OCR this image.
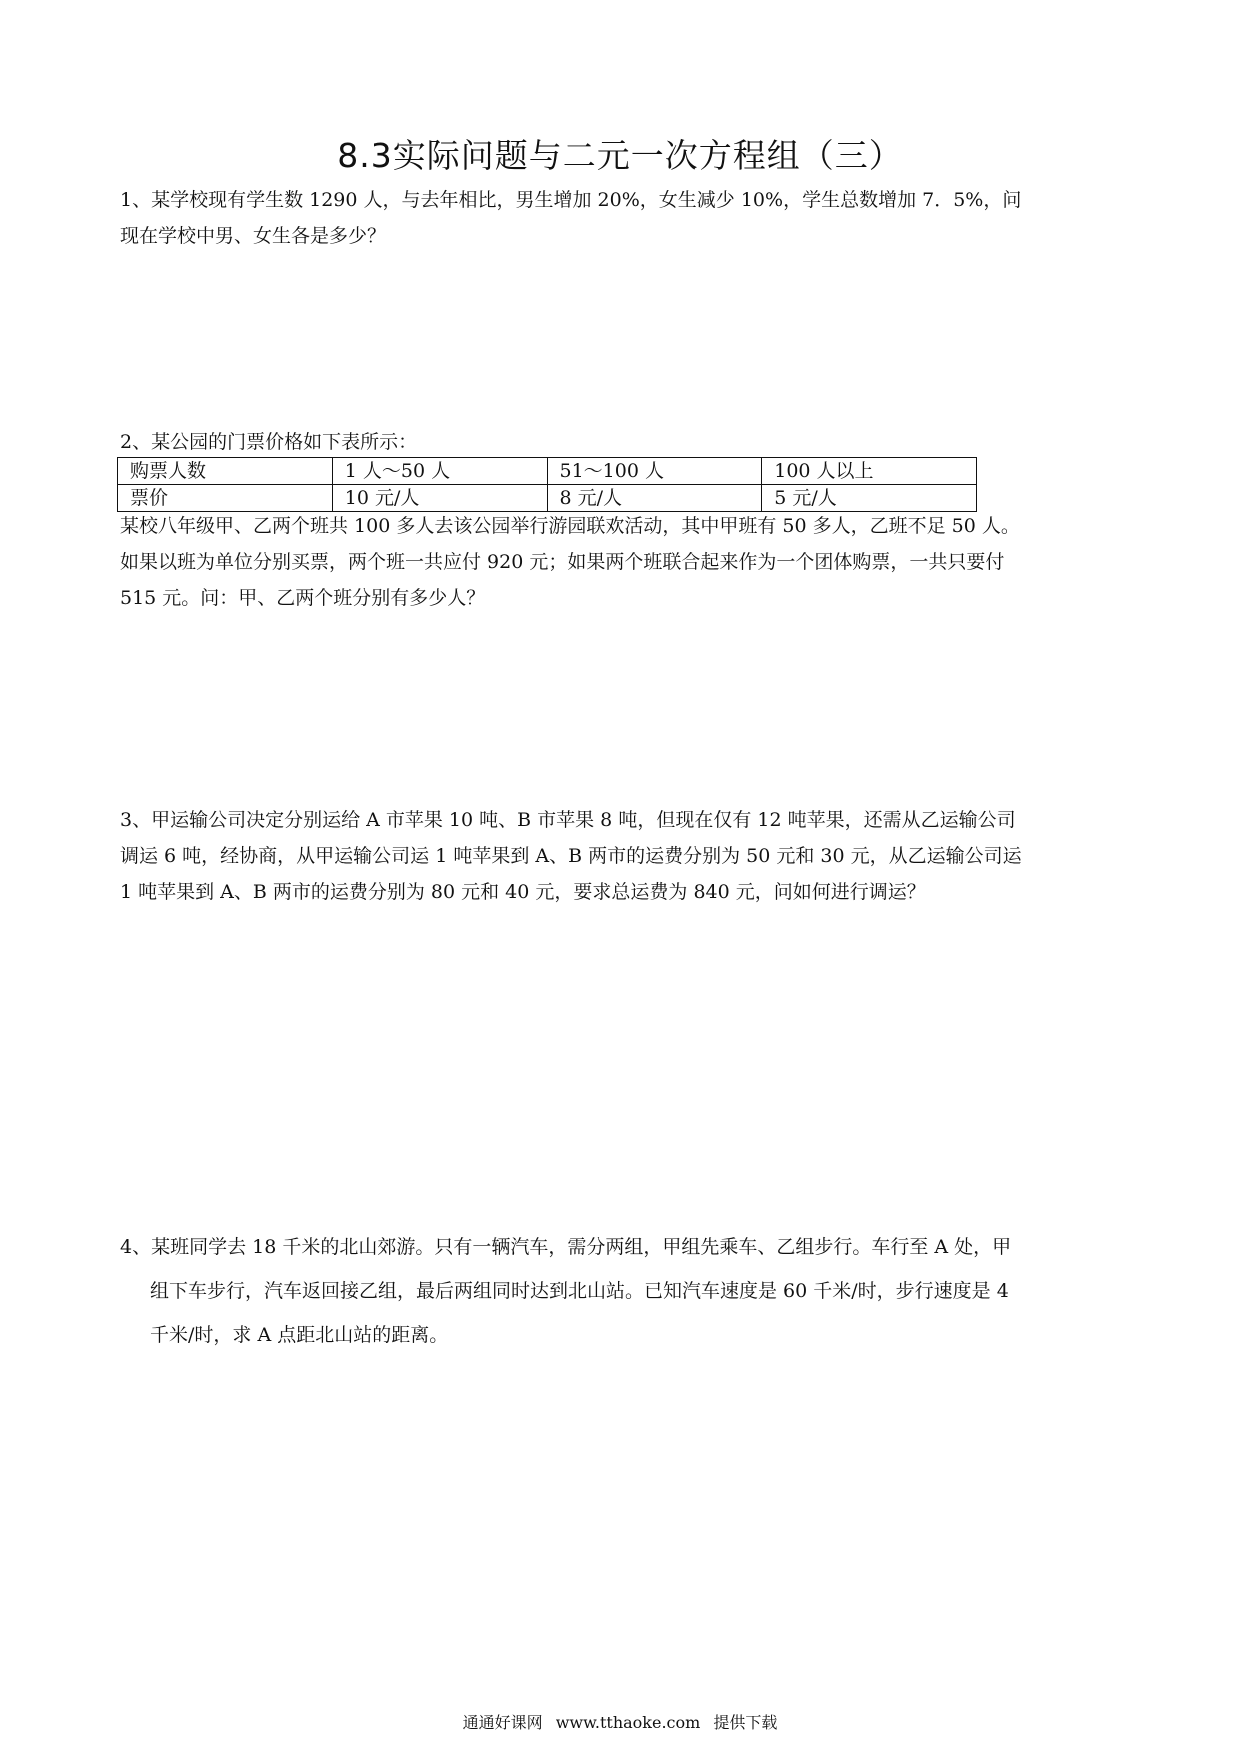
8.3实际问题与二元一次方程组（三）

1、某学校现有学生数 1290 人，与去年相比，男生增加 20%，女生减少 10%，学生总数增加 7．5%，问

现在学校中男、女生各是多少？

2、某公园的门票价格如下表所示：

购票人数	1 人～50 人	51～100 人	100 人以上
票价	10 元/人	8 元/人	5 元/人

某校八年级甲、乙两个班共 100 多人去该公园举行游园联欢活动，其中甲班有 50 多人，乙班不足 50 人。

如果以班为单位分别买票，两个班一共应付 920 元；如果两个班联合起来作为一个团体购票，一共只要付

515 元。问：甲、乙两个班分别有多少人？

3、甲运输公司决定分别运给 A 市苹果 10 吨、B 市苹果 8 吨，但现在仅有 12 吨苹果，还需从乙运输公司

调运 6 吨，经协商，从甲运输公司运 1 吨苹果到 A、B 两市的运费分别为 50 元和 30 元，从乙运输公司运

1 吨苹果到 A、B 两市的运费分别为 80 元和 40 元，要求总运费为 840 元，问如何进行调运？

4、某班同学去 18 千米的北山郊游。只有一辆汽车，需分两组，甲组先乘车、乙组步行。车行至 A 处，甲

组下车步行，汽车返回接乙组，最后两组同时达到北山站。已知汽车速度是 60 千米/时，步行速度是 4

千米/时，求 A 点距北山站的距离。

通通好课网 www.tthaoke.com 提供下载
